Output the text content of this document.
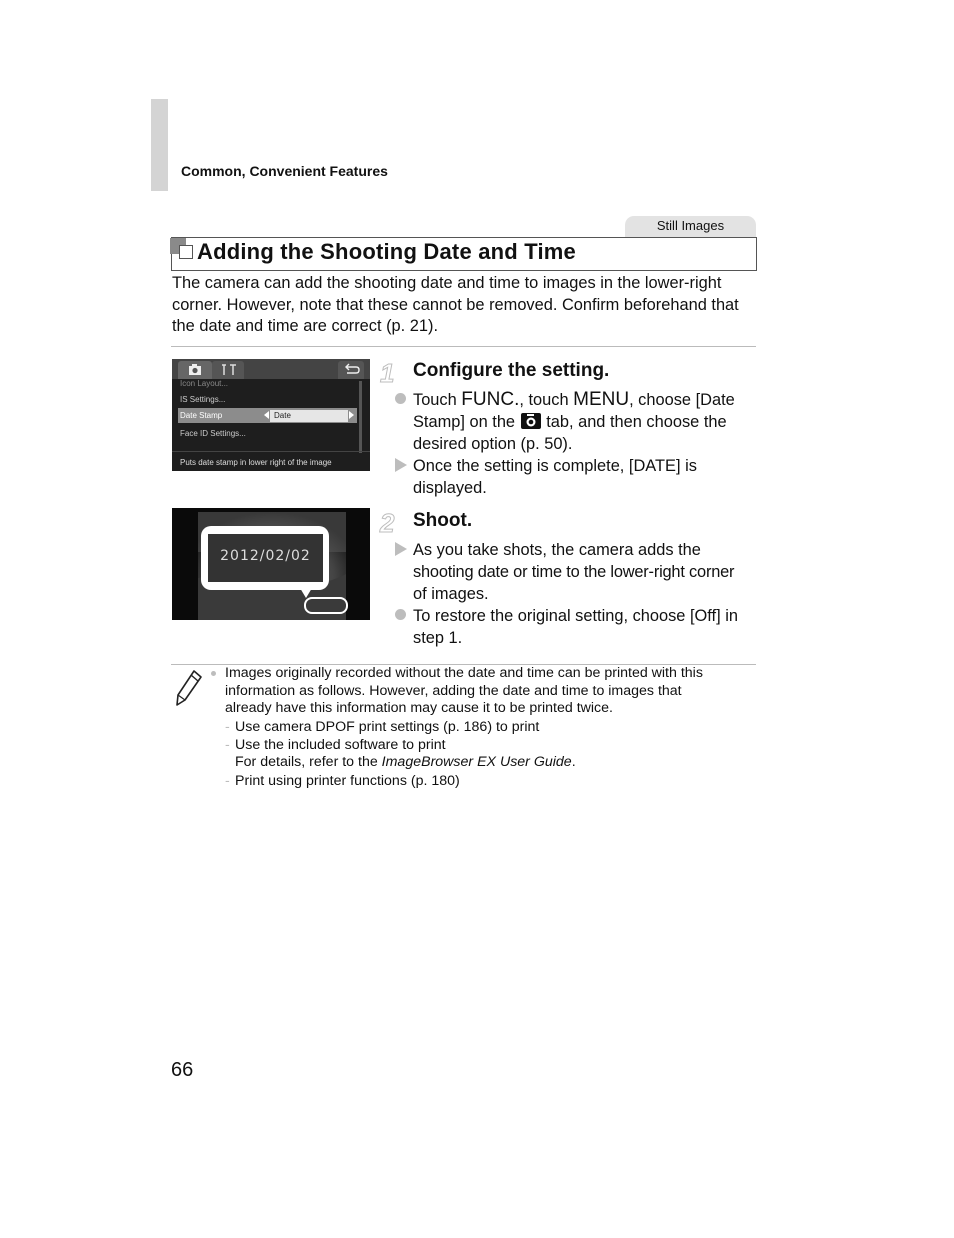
Common, Convenient Features
Still Images
Adding the Shooting Date and Time
The camera can add the shooting date and time to images in the lower-right corner. However, note that these cannot be removed. Confirm beforehand that the date and time are correct (p. 21).
Icon Layout...
IS Settings...
Date Stamp	Date
Face ID Settings...
Puts date stamp in lower right of the image
2012/02/02
1 Configure the setting.
Touch FUNC., touch MENU, choose [Date
Stamp] on the tab, and then choose the
desired option (p. 50).
Once the setting is complete, [DATE] is
displayed.
2 Shoot.
As you take shots, the camera adds the
shooting date or time to the lower-right corner
of images.
To restore the original setting, choose [Off] in
step 1.
Images originally recorded without the date and time can be printed with this
information as follows. However, adding the date and time to images that
already have this information may cause it to be printed twice.
- Use camera DPOF print settings (p. 186) to print
- Use the included software to print
For details, refer to the ImageBrowser EX User Guide.
- Print using printer functions (p. 180)
66
